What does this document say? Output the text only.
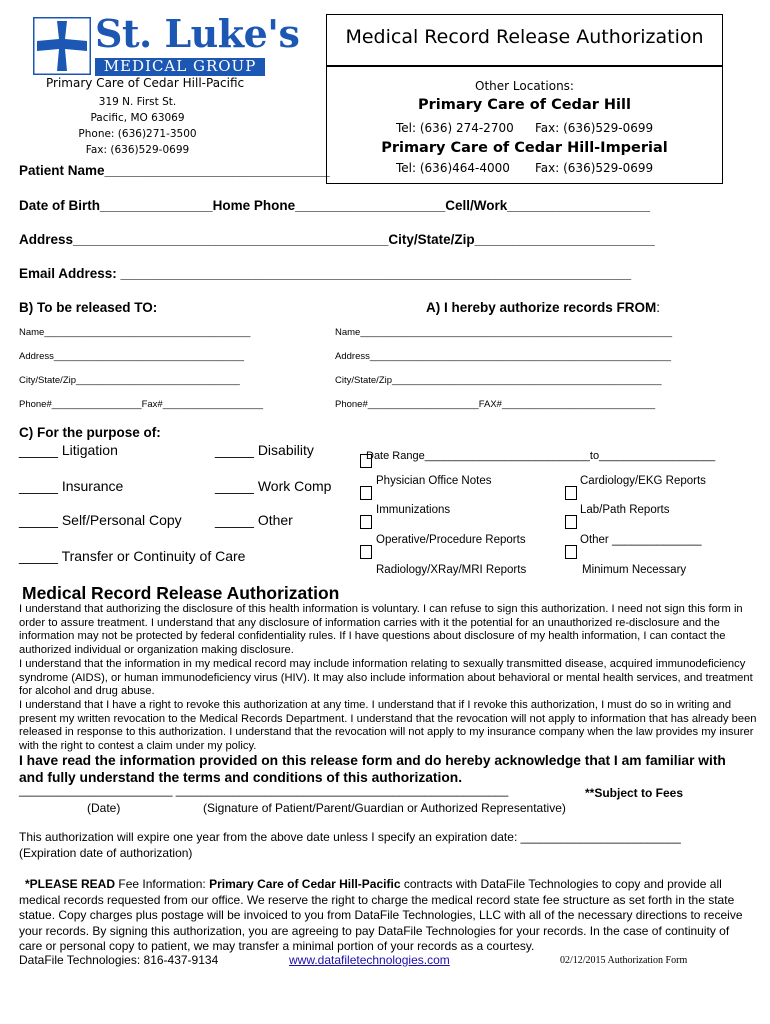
St. Luke's
MEDICAL GROUP
Primary Care of Cedar Hill-Pacific
319 N. First St.
Pacific, MO 63069
Phone: (636)271-3500
Fax: (636)529-0699
Medical Record Release Authorization
Other Locations:
Primary Care of Cedar Hill
Tel: (636) 274-2700 Fax: (636)529-0699
Primary Care of Cedar Hill-Imperial
Tel: (636)464-4000 Fax: (636)529-0699
Patient Name______________________________
Date of Birth_______________Home Phone____________________Cell/Work___________________
Address__________________________________________City/State/Zip________________________
Email Address: ____________________________________________________________________
B) To be released TO:	A) I hereby authorize records FROM:
Name_______________________________________
Address____________________________________
City/State/Zip_______________________________
Phone#_________________Fax#___________________
Name___________________________________________________________
Address_________________________________________________________
City/State/Zip___________________________________________________
Phone#_____________________FAX#_____________________________
C) For the purpose of:
_____ Litigation	_____ Disability
_____ Insurance	_____ Work Comp
_____ Self/Personal Copy _____ Other
_____ Transfer or Continuity of Care
Date Range___________________________to___________________
Physician Office Notes	Cardiology/EKG Reports
Immunizations	Lab/Path Reports
Operative/Procedure Reports	Other ______________
Radiology/XRay/MRI Reports	Minimum Necessary
Medical Record Release Authorization
I understand that authorizing the disclosure of this health information is voluntary. I can refuse to sign this authorization. I need not sign this form in order to assure treatment. I understand that any disclosure of information carries with it the potential for an unauthorized re-disclosure and the information may not be protected by federal confidentiality rules. If I have questions about disclosure of my health information, I can contact the authorized individual or organization making disclosure.
I understand that the information in my medical record may include information relating to sexually transmitted disease, acquired immunodeficiency syndrome (AIDS), or human immunodeficiency virus (HIV). It may also include information about behavioral or mental health services, and treatment for alcohol and drug abuse.
I understand that I have a right to revoke this authorization at any time. I understand that if I revoke this authorization, I must do so in writing and present my written revocation to the Medical Records Department. I understand that the revocation will not apply to information that has already been released in response to this authorization. I understand that the revocation will not apply to my insurance company when the law provides my insurer with the right to contest a claim under my policy.
I have read the information provided on this release form and do hereby acknowledge that I am familiar with and fully understand the terms and conditions of this authorization.
________________________ ____________________________________________________	**Subject to Fees
(Date)	(Signature of Patient/Parent/Guardian or Authorized Representative)
This authorization will expire one year from the above date unless I specify an expiration date: ________________________
(Expiration date of authorization)
*PLEASE READ Fee Information: Primary Care of Cedar Hill-Pacific contracts with DataFile Technologies to copy and provide all medical records requested from our office. We reserve the right to charge the medical record state fee structure as set forth in the state statue. Copy charges plus postage will be invoiced to you from DataFile Technologies, LLC with all of the necessary directions to receive your records. By signing this authorization, you are agreeing to pay DataFile Technologies for your records. In the case of continuity of care or personal copy to patient, we may transfer a minimal portion of your records as a courtesy.
DataFile Technologies: 816-437-9134	www.datafiletechnologies.com	02/12/2015 Authorization Form
